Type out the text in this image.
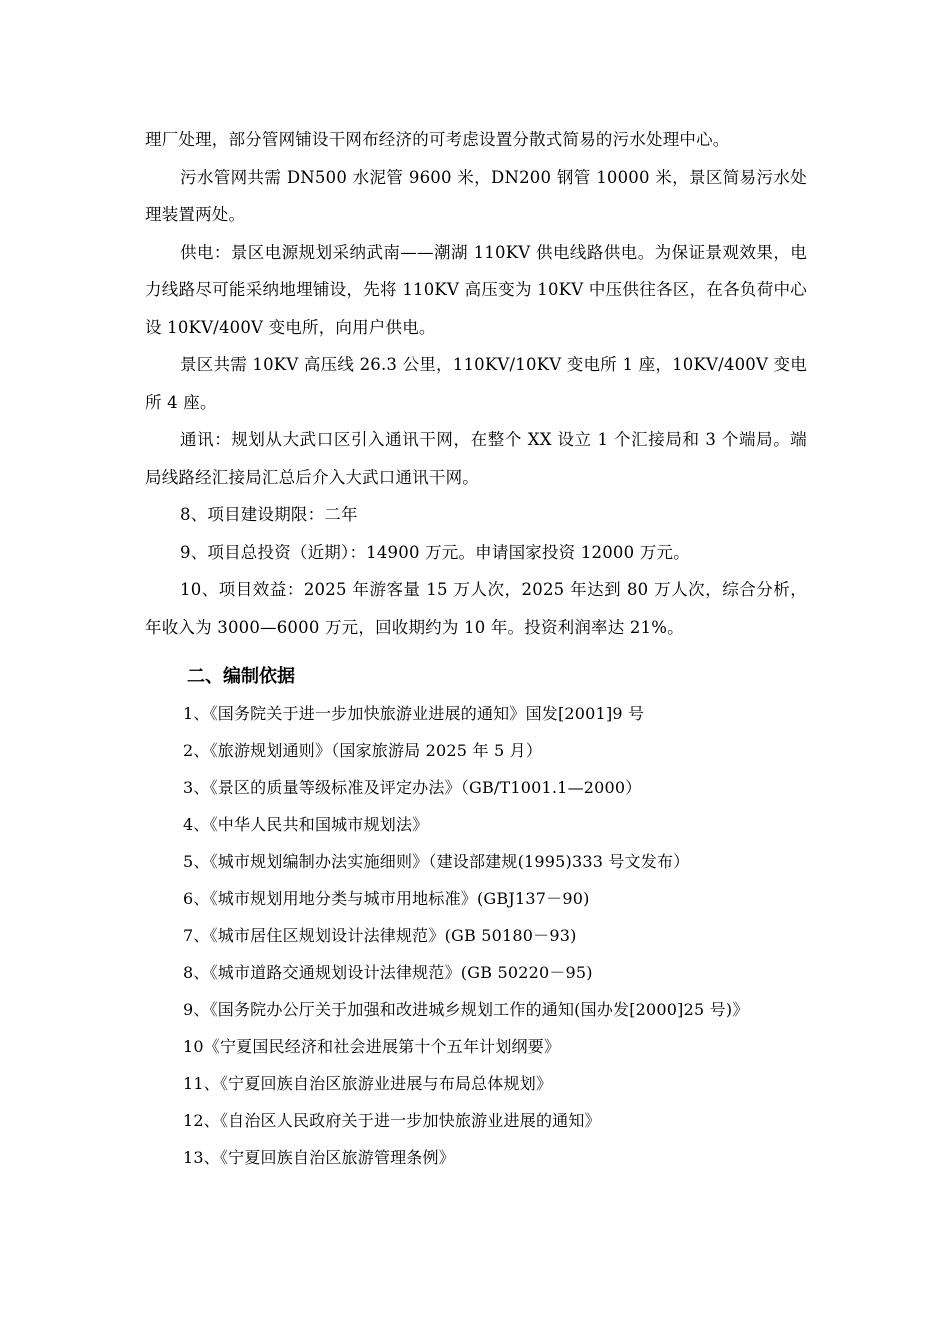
理厂处理，部分管网铺设干网布经济的可考虑设置分散式简易的污水处理中心。

污水管网共需 DN500 水泥管 9600 米，DN200 钢管 10000 米，景区简易污水处理装置两处。

供电：景区电源规划采纳武南——潮湖 110KV 供电线路供电。为保证景观效果，电力线路尽可能采纳地埋铺设，先将 110KV 高压变为 10KV 中压供往各区，在各负荷中心设 10KV/400V 变电所，向用户供电。

景区共需 10KV 高压线 26.3 公里，110KV/10KV 变电所 1 座，10KV/400V 变电所 4 座。

通讯：规划从大武口区引入通讯干网，在整个 XX 设立 1 个汇接局和 3 个端局。端局线路经汇接局汇总后介入大武口通讯干网。

8、项目建设期限：二年

9、项目总投资（近期）：14900 万元。申请国家投资 12000 万元。

10、项目效益：2025 年游客量 15 万人次，2025 年达到 80 万人次，综合分析，年收入为 3000—6000 万元，回收期约为 10 年。投资利润率达 21%。

二、编制依据

1、《国务院关于进一步加快旅游业进展的通知》国发[2001]9 号

2、《旅游规划通则》（国家旅游局 2025 年 5 月）

3、《景区的质量等级标准及评定办法》（GB/T1001.1—2000）

4、《中华人民共和国城市规划法》

5、《城市规划编制办法实施细则》（建设部建规(1995)333 号文发布）

6、《城市规划用地分类与城市用地标准》(GBJ137－90)

7、《城市居住区规划设计法律规范》(GB 50180－93)

8、《城市道路交通规划设计法律规范》(GB 50220－95)

9、《国务院办公厅关于加强和改进城乡规划工作的通知(国办发[2000]25 号)》

10《宁夏国民经济和社会进展第十个五年计划纲要》

11、《宁夏回族自治区旅游业进展与布局总体规划》

12、《自治区人民政府关于进一步加快旅游业进展的通知》

13、《宁夏回族自治区旅游管理条例》
